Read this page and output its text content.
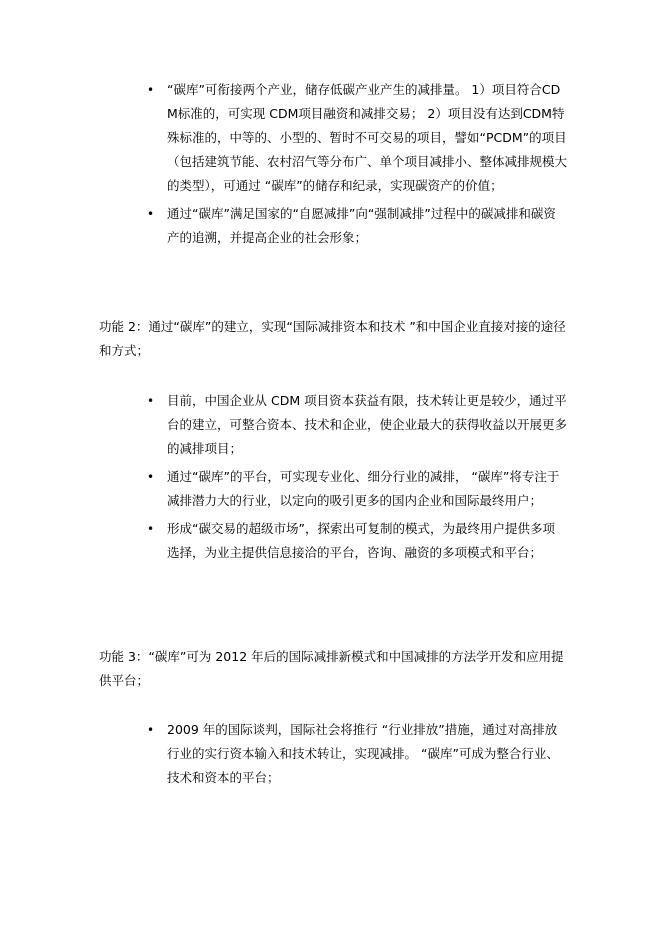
• “碳库”可衔接两个产业，储存低碳产业产生的减排量。 1）项目符合CDM标准的，可实现 CDM项目融资和减排交易； 2）项目没有达到CDM特殊标准的，中等的、小型的、暂时不可交易的项目，譬如“PCDM”的项目（包括建筑节能、农村沼气等分布广、单个项目减排小、整体减排规模大的类型），可通过 “碳库”的储存和纪录，实现碳资产的价值；
• 通过“碳库”满足国家的“自愿减排”向“强制减排”过程中的碳减排和碳资产的追溯，并提高企业的社会形象；

功能 2：通过“碳库”的建立，实现“国际减排资本和技术 ”和中国企业直接对接的途径和方式；

• 目前，中国企业从 CDM 项目资本获益有限，技术转让更是较少，通过平台的建立，可整合资本、技术和企业，使企业最大的获得收益以开展更多的减排项目；
• 通过“碳库”的平台，可实现专业化、细分行业的减排， “碳库”将专注于减排潜力大的行业，以定向的吸引更多的国内企业和国际最终用户；
• 形成“碳交易的超级市场”，探索出可复制的模式，为最终用户提供多项选择，为业主提供信息接洽的平台，咨询、融资的多项模式和平台；

功能 3：“碳库”可为 2012 年后的国际减排新模式和中国减排的方法学开发和应用提供平台；

• 2009 年的国际谈判，国际社会将推行 “行业排放”措施，通过对高排放行业的实行资本输入和技术转让，实现减排。 “碳库”可成为整合行业、技术和资本的平台；
